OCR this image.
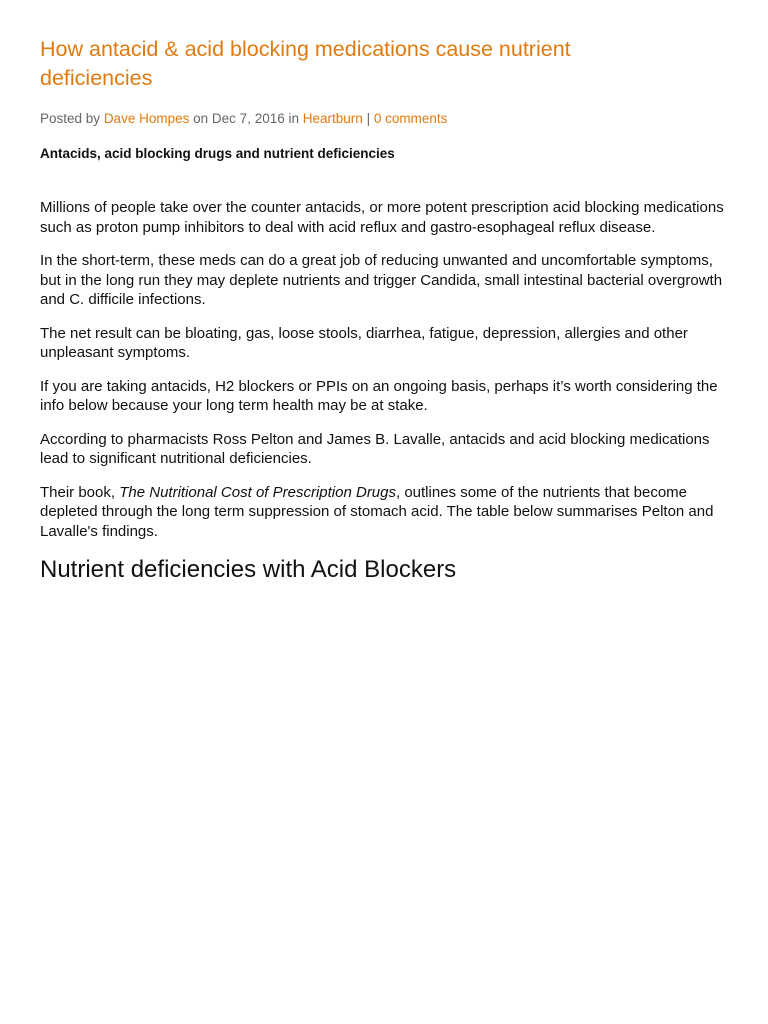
How antacid & acid blocking medications cause nutrient deficiencies
Posted by Dave Hompes on Dec 7, 2016 in Heartburn | 0 comments

Antacids, acid blocking drugs and nutrient deficiencies

Millions of people take over the counter antacids, or more potent prescription acid blocking medications such as proton pump inhibitors to deal with acid reflux and gastro-esophageal reflux disease.

In the short-term, these meds can do a great job of reducing unwanted and uncomfortable symptoms, but in the long run they may deplete nutrients and trigger Candida, small intestinal bacterial overgrowth and C. difficile infections.

The net result can be bloating, gas, loose stools, diarrhea, fatigue, depression, allergies and other unpleasant symptoms.

If you are taking antacids, H2 blockers or PPIs on an ongoing basis, perhaps it’s worth considering the info below because your long term health may be at stake.

According to pharmacists Ross Pelton and James B. Lavalle, antacids and acid blocking medications lead to significant nutritional deficiencies.

Their book, The Nutritional Cost of Prescription Drugs, outlines some of the nutrients that become depleted through the long term suppression of stomach acid. The table below summarises Pelton and Lavalle's findings.

Nutrient deficiencies with Acid Blockers
